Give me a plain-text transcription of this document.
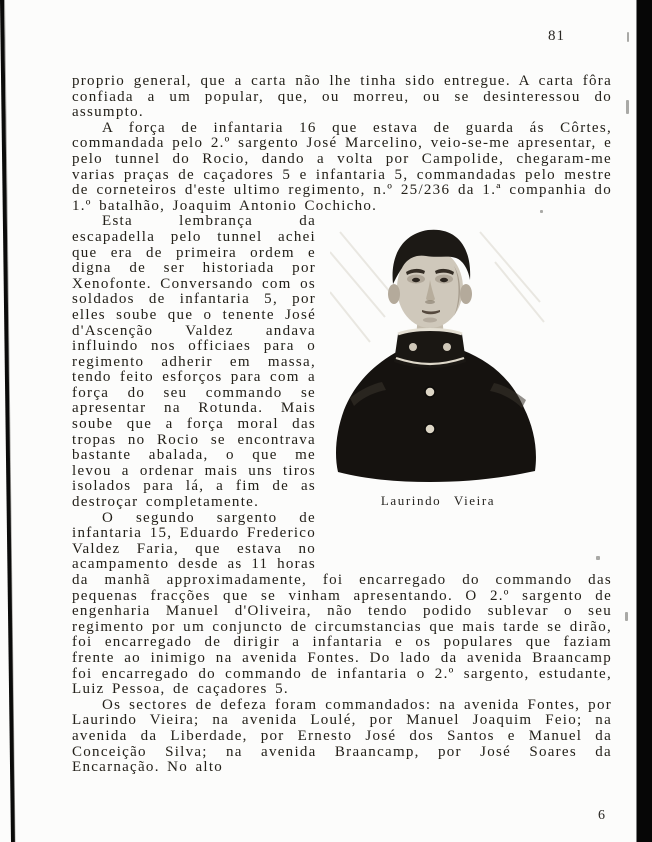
81
6

proprio general, que a carta não lhe tinha sido entregue. A carta fôra confiada a um popular, que, ou morreu, ou se desinteressou do assumpto.

A força de infantaria 16 que estava de guarda ás Côrtes, commandada pelo 2.º sargento José Marcelino, veio-se-me apresentar, e pelo tunnel do Rocio, dando a volta por Campolide, chegaram-me varias praças de caçadores 5 e infantaria 5, commandadas pelo mestre de corneteiros d'este ultimo regimento, n.º 25/236 da 1.ª companhia do 1.º batalhão, Joaquim Antonio Cochicho.

Laurindo Vieira

Esta lembrança da escapadella pelo tunnel achei que era de primeira ordem e digna de ser historiada por Xenofonte. Conversando com os soldados de infantaria 5, por elles soube que o tenente José d'Ascenção Valdez andava influindo nos officiaes para o regimento adherir em massa, tendo feito esforços para com a força do seu commando se apresentar na Rotunda. Mais soube que a força moral das tropas no Rocio se encontrava bastante abalada, o que me levou a ordenar mais uns tiros isolados para lá, a fim de as destroçar completamente.

O segundo sargento de infantaria 15, Eduardo Frederico Valdez Faria, que estava no acampamento desde as 11 horas da manhã approximadamente, foi encarregado do commando das pequenas fracções que se vinham apresentando. O 2.º sargento de engenharia Manuel d'Oliveira, não tendo podido sublevar o seu regimento por um conjuncto de circumstancias que mais tarde se dirão, foi encarregado de dirigir a infantaria e os populares que faziam frente ao inimigo na avenida Fontes. Do lado da avenida Braancamp foi encarregado do commando de infantaria o 2.º sargento, estudante, Luiz Pessoa, de caçadores 5.

Os sectores de defeza foram commandados: na avenida Fontes, por Laurindo Vieira; na avenida Loulé, por Manuel Joaquim Feio; na avenida da Liberdade, por Ernesto José dos Santos e Manuel da Conceição Silva; na avenida Braancamp, por José Soares da Encarnação. No alto
